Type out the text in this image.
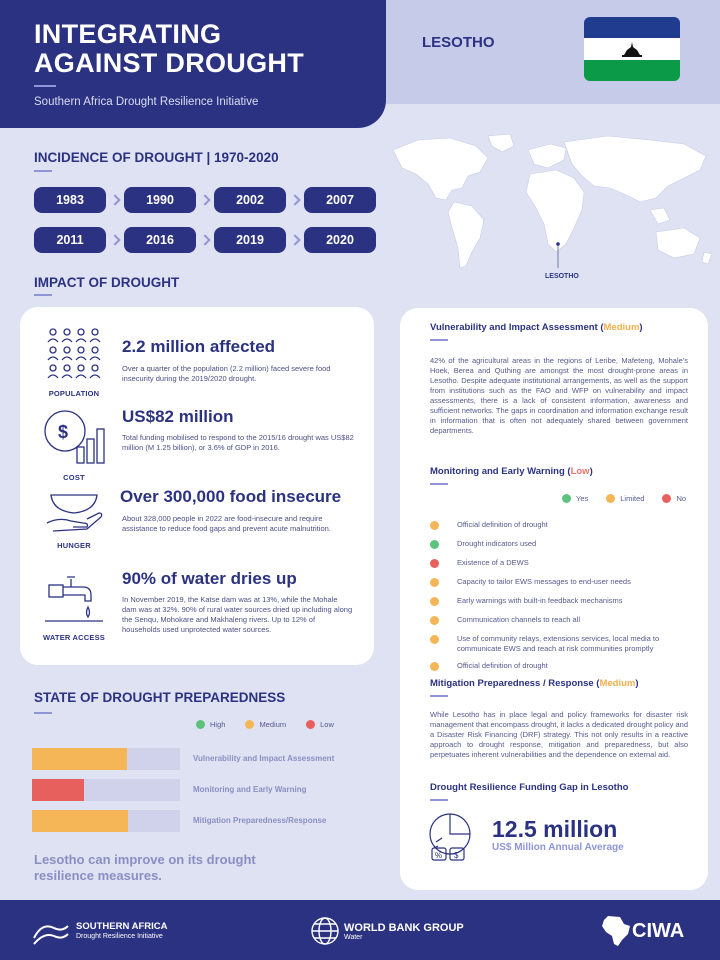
INTEGRATING
AGAINST DROUGHT
Southern Africa Drought Resilience Initiative
LESOTHO
INCIDENCE OF DROUGHT | 1970-2020
1983	1990	2002	2007
2011	2016	2019	2020
LESOTHO
IMPACT OF DROUGHT
POPULATION
2.2 million affected
Over a quarter of the population (2.2 million) faced severe food insecurity during the 2019/2020 drought.
$
COST
US$82 million
Total funding mobilised to respond to the 2015/16 drought was US$82 million (M 1.25 billion), or 3.6% of GDP in 2016.
HUNGER
Over 300,000 food insecure
About 328,000 people in 2022 are food-insecure and require assistance to reduce food gaps and prevent acute malnutrition.
WATER ACCESS
90% of water dries up
In November 2019, the Katse dam was at 13%, while the Mohale dam was at 32%. 90% of rural water sources dried up including along the Senqu, Mohokare and Makhaleng rivers. Up to 12% of households used unprotected water sources.
Vulnerability and Impact Assessment (Medium)
42% of the agricultural areas in the regions of Leribe, Mafeteng, Mohale's Hoek, Berea and Quthing are amongst the most drought-prone areas in Lesotho. Despite adequate institutional arrangements, as well as the support from institutions such as the FAO and WFP on vulnerability and impact assessments, there is a lack of consistent information, awareness and sufficient networks. The gaps in coordination and information exchange result in information that is often not adequately shared between government departments.
Monitoring and Early Warning (Low)
Yes	Limited	No
Official definition of drought
Drought indicators used
Existence of a DEWS
Capacity to tailor EWS messages to end-user needs
Early warnings with built-in feedback mechanisms
Communication channels to reach all
Use of community relays, extensions services, local media to communicate EWS and reach at risk communities promptly
Official definition of drought
Mitigation Preparedness / Response (Medium)
While Lesotho has in place legal and policy frameworks for disaster risk management that encompass drought, it lacks a dedicated drought policy and a Disaster Risk Financing (DRF) strategy. This not only results in a reactive approach to drought response, mitigation and preparedness, but also perpetuates inherent vulnerabilities and the dependence on external aid.
Drought Resilience Funding Gap in Lesotho
% $
12.5 million
US$ Million Annual Average
STATE OF DROUGHT PREPAREDNESS
High	Medium	Low
Vulnerability and Impact Assessment
Monitoring and Early Warning
Mitigation Preparedness/Response
Lesotho can improve on its drought resilience measures.
SOUTHERN AFRICA
Drought Resilience Initiative
WORLD BANK GROUP
Water	CIWA
